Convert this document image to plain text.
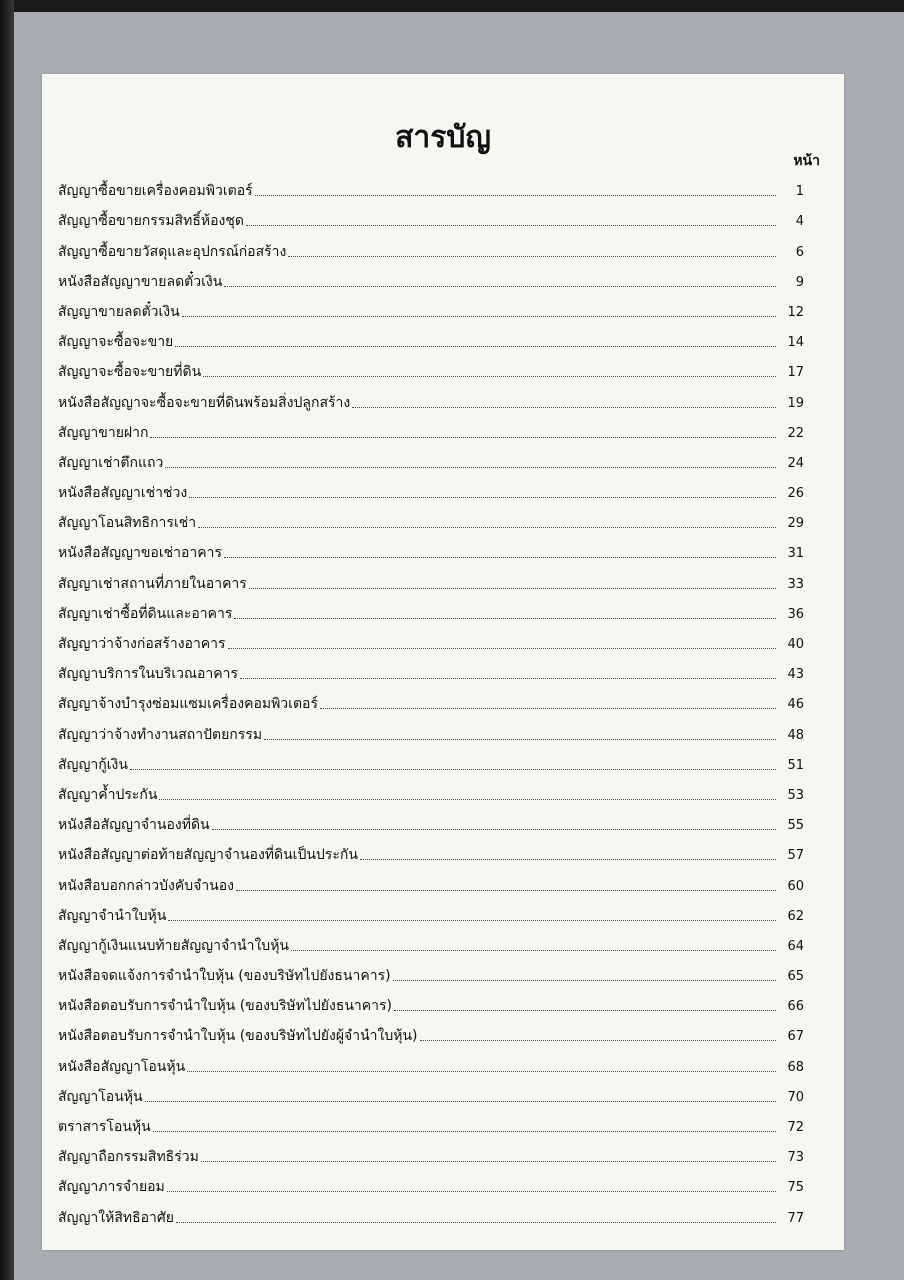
สารบัญ
หน้า
สัญญาซื้อขายเครื่องคอมพิวเตอร์	1
สัญญาซื้อขายกรรมสิทธิ์ห้องชุด	4
สัญญาซื้อขายวัสดุและอุปกรณ์ก่อสร้าง	6
หนังสือสัญญาขายลดตั๋วเงิน	9
สัญญาขายลดตั๋วเงิน	12
สัญญาจะซื้อจะขาย	14
สัญญาจะซื้อจะขายที่ดิน	17
หนังสือสัญญาจะซื้อจะขายที่ดินพร้อมสิ่งปลูกสร้าง	19
สัญญาขายฝาก	22
สัญญาเช่าตึกแถว	24
หนังสือสัญญาเช่าช่วง	26
สัญญาโอนสิทธิการเช่า	29
หนังสือสัญญาขอเช่าอาคาร	31
สัญญาเช่าสถานที่ภายในอาคาร	33
สัญญาเช่าซื้อที่ดินและอาคาร	36
สัญญาว่าจ้างก่อสร้างอาคาร	40
สัญญาบริการในบริเวณอาคาร	43
สัญญาจ้างบำรุงซ่อมแซมเครื่องคอมพิวเตอร์	46
สัญญาว่าจ้างทำงานสถาปัตยกรรม	48
สัญญากู้เงิน	51
สัญญาค้ำประกัน	53
หนังสือสัญญาจำนองที่ดิน	55
หนังสือสัญญาต่อท้ายสัญญาจำนองที่ดินเป็นประกัน	57
หนังสือบอกกล่าวบังคับจำนอง	60
สัญญาจำนำใบหุ้น	62
สัญญากู้เงินแนบท้ายสัญญาจำนำใบหุ้น	64
หนังสือจดแจ้งการจำนำใบหุ้น (ของบริษัทไปยังธนาคาร)	65
หนังสือตอบรับการจำนำใบหุ้น (ของบริษัทไปยังธนาคาร)	66
หนังสือตอบรับการจำนำใบหุ้น (ของบริษัทไปยังผู้จำนำใบหุ้น)	67
หนังสือสัญญาโอนหุ้น	68
สัญญาโอนหุ้น	70
ตราสารโอนหุ้น	72
สัญญาถือกรรมสิทธิร่วม	73
สัญญาภารจำยอม	75
สัญญาให้สิทธิอาศัย	77
